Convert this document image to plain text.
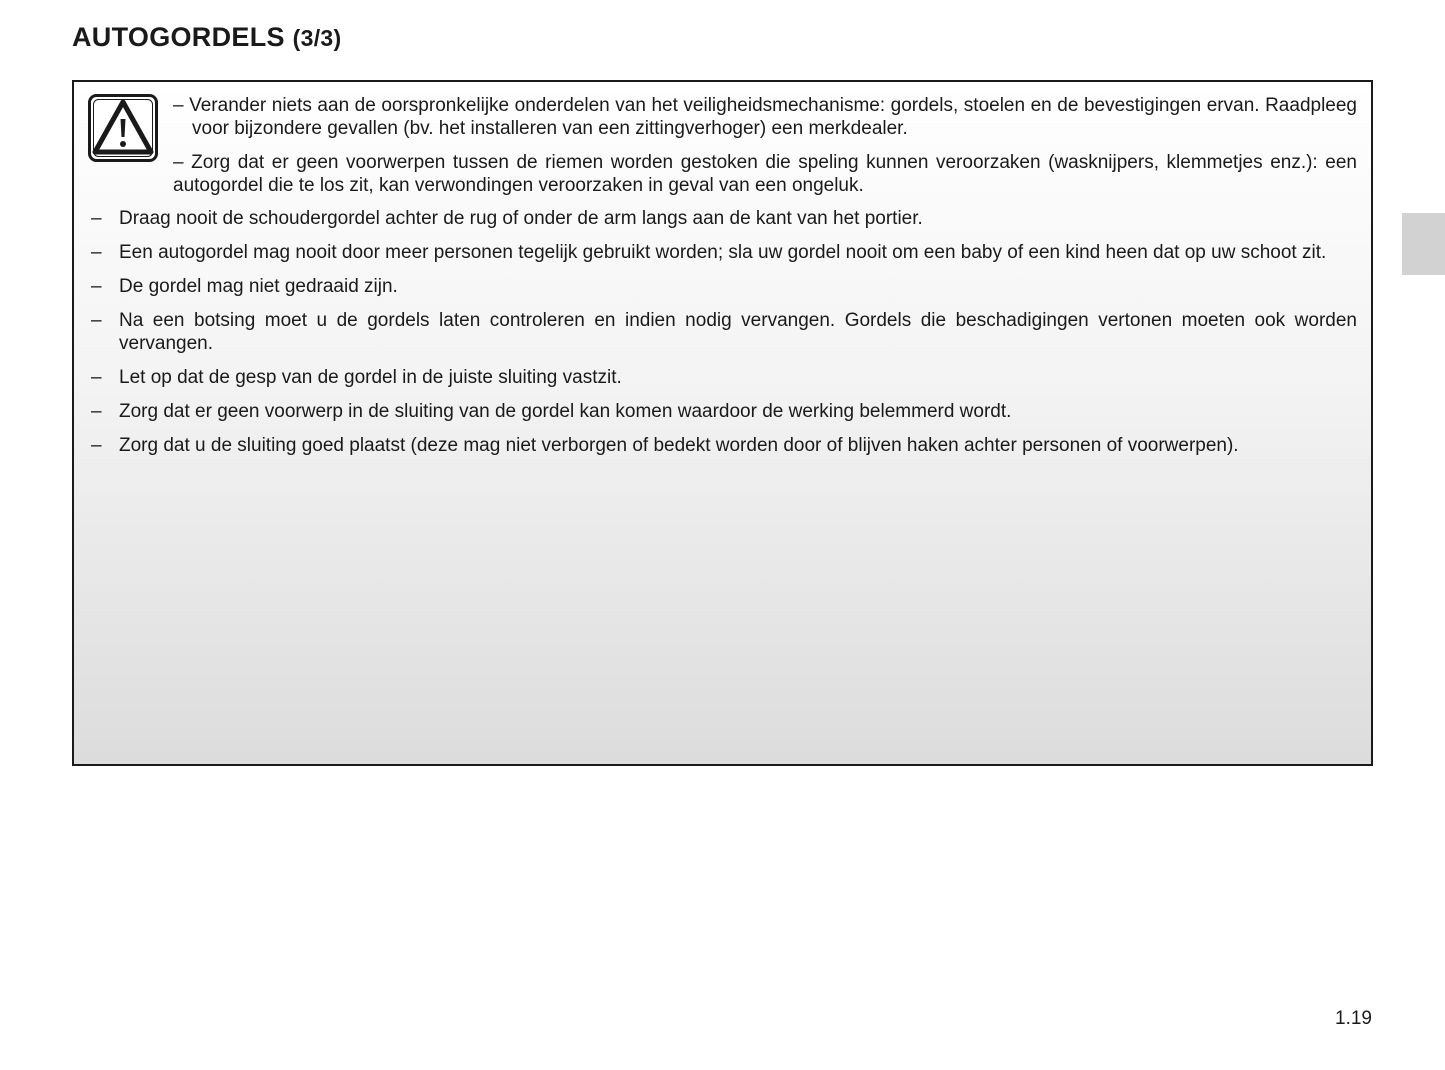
AUTOGORDELS (3/3)

– Verander niets aan de oorspronkelijke onderdelen van het veiligheidsmechanisme: gordels, stoelen en de bevestigingen ervan. Raadpleeg voor bijzondere gevallen (bv. het installeren van een zittingverhoger) een merkdealer.

– Zorg dat er geen voorwerpen tussen de riemen worden gestoken die speling kunnen veroorzaken (wasknijpers, klemmetjes enz.): een autogordel die te los zit, kan verwondingen veroorzaken in geval van een ongeluk.

– Draag nooit de schoudergordel achter de rug of onder de arm langs aan de kant van het portier.
– Een autogordel mag nooit door meer personen tegelijk gebruikt worden; sla uw gordel nooit om een baby of een kind heen dat op uw schoot zit.
– De gordel mag niet gedraaid zijn.
– Na een botsing moet u de gordels laten controleren en indien nodig vervangen. Gordels die beschadigingen vertonen moeten ook worden vervangen.
– Let op dat de gesp van de gordel in de juiste sluiting vastzit.
– Zorg dat er geen voorwerp in de sluiting van de gordel kan komen waardoor de werking belemmerd wordt.
– Zorg dat u de sluiting goed plaatst (deze mag niet verborgen of bedekt worden door of blijven haken achter personen of voorwerpen).
1.19
